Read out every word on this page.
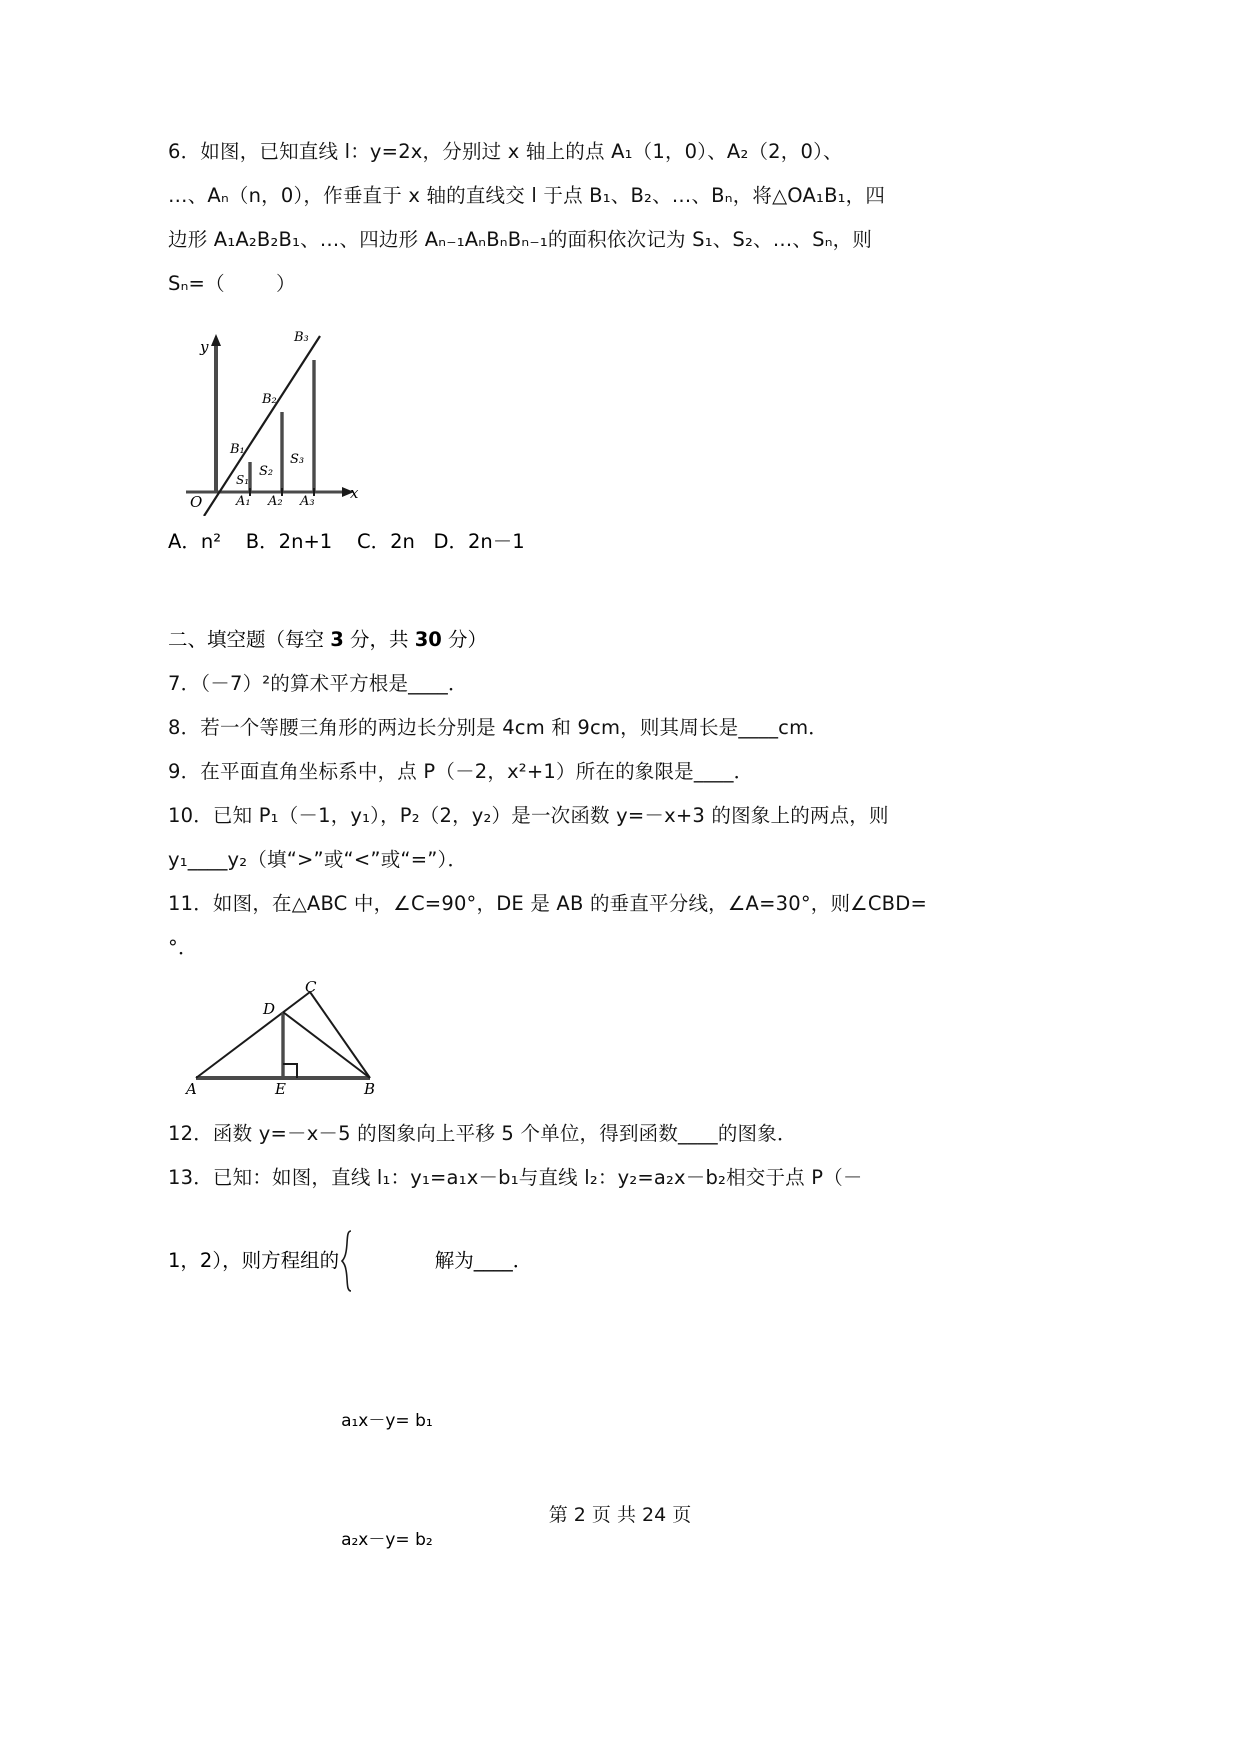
6．如图，已知直线 l：y=2x，分别过 x 轴上的点 A₁（1，0）、A₂（2，0）、
…、Aₙ（n，0），作垂直于 x 轴的直线交 l 于点 B₁、B₂、…、Bₙ，将△OA₁B₁，四
边形 A₁A₂B₂B₁、…、四边形 Aₙ₋₁AₙBₙBₙ₋₁的面积依次记为 S₁、S₂、…、Sₙ，则
Sₙ=（        ）
y
x
O	A₁ A₂ A₃
B₁
B₂
B₃
S₁
S₂
S₃
A．n²    B．2n+1    C．2n   D．2n－1
二、填空题（每空 3 分，共 30 分）
7．（－7）²的算术平方根是____．
8．若一个等腰三角形的两边长分别是 4cm 和 9cm，则其周长是____cm．
9．在平面直角坐标系中，点 P（－2，x²+1）所在的象限是____．
10．已知 P₁（－1，y₁），P₂（2，y₂）是一次函数 y=－x+3 的图象上的两点，则
y₁____y₂（填“>”或“<”或“=”）．
11．如图，在△ABC 中，∠C=90°，DE 是 AB 的垂直平分线，∠A=30°，则∠CBD=
°．
C
D
A	E	B
12．函数 y=－x－5 的图象向上平移 5 个单位，得到函数____的图象．
13．已知：如图，直线 l₁：y₁=a₁x－b₁与直线 l₂：y₂=a₂x－b₂相交于点 P（－
1，2），则方程组的

a₁x－y= b₁

a₂x－y= b₂

解为____．
第 2 页 共 24 页
